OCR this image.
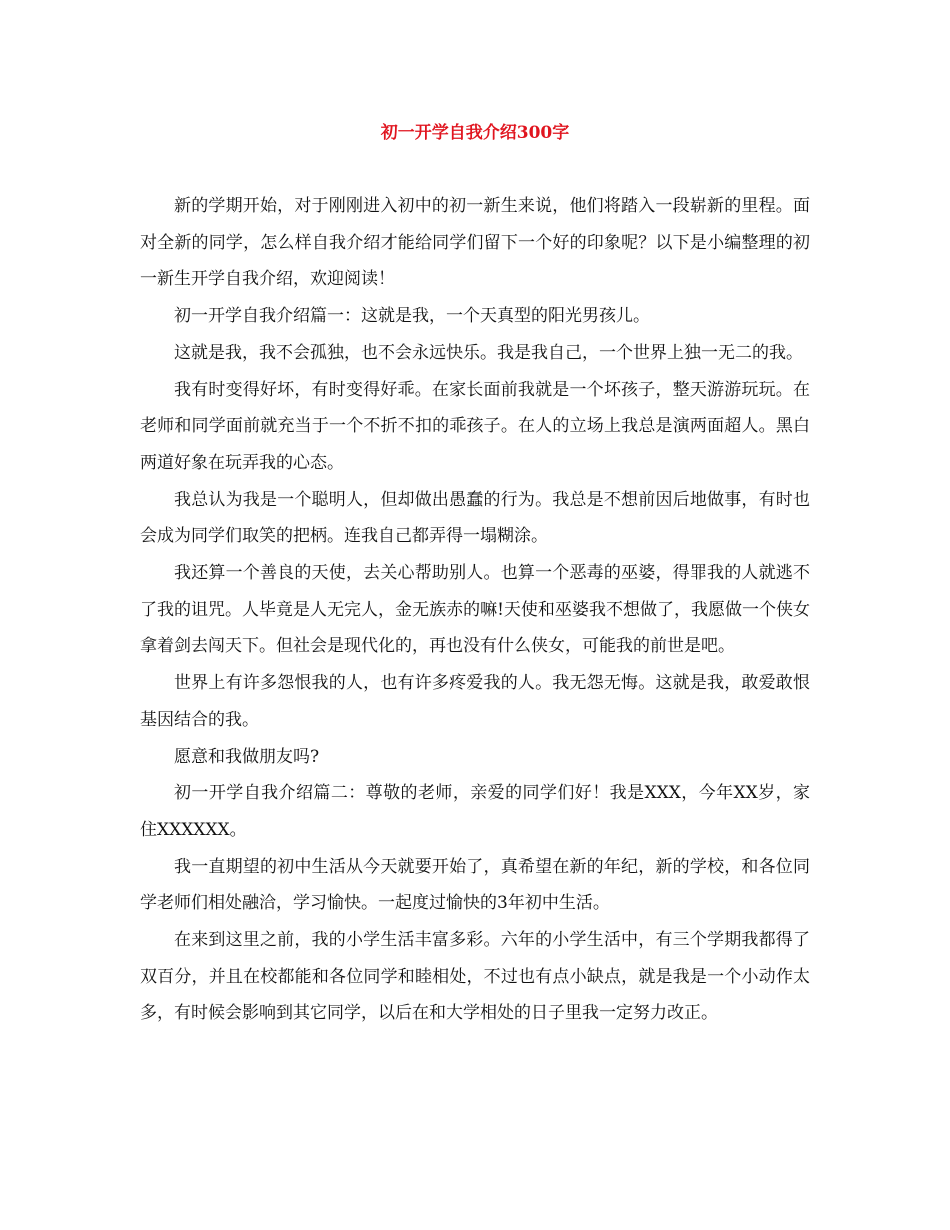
初一开学自我介绍300字

新的学期开始，对于刚刚进入初中的初一新生来说，他们将踏入一段崭新的里程。面对全新的同学，怎么样自我介绍才能给同学们留下一个好的印象呢？以下是小编整理的初一新生开学自我介绍，欢迎阅读！

初一开学自我介绍篇一：这就是我，一个天真型的阳光男孩儿。

这就是我，我不会孤独，也不会永远快乐。我是我自己，一个世界上独一无二的我。

我有时变得好坏，有时变得好乖。在家长面前我就是一个坏孩子，整天游游玩玩。在老师和同学面前就充当于一个不折不扣的乖孩子。在人的立场上我总是演两面超人。黑白两道好象在玩弄我的心态。

我总认为我是一个聪明人，但却做出愚蠢的行为。我总是不想前因后地做事，有时也会成为同学们取笑的把柄。连我自己都弄得一塌糊涂。

我还算一个善良的天使，去关心帮助别人。也算一个恶毒的巫婆，得罪我的人就逃不了我的诅咒。人毕竟是人无完人，金无族赤的嘛!天使和巫婆我不想做了，我愿做一个侠女拿着剑去闯天下。但社会是现代化的，再也没有什么侠女，可能我的前世是吧。

世界上有许多怨恨我的人，也有许多疼爱我的人。我无怨无悔。这就是我，敢爱敢恨基因结合的我。

愿意和我做朋友吗?

初一开学自我介绍篇二：尊敬的老师，亲爱的同学们好！我是XXX，今年XX岁，家住XXXXXX。

我一直期望的初中生活从今天就要开始了，真希望在新的年纪，新的学校，和各位同学老师们相处融洽，学习愉快。一起度过愉快的3年初中生活。

在来到这里之前，我的小学生活丰富多彩。六年的小学生活中，有三个学期我都得了双百分，并且在校都能和各位同学和睦相处，不过也有点小缺点，就是我是一个小动作太多，有时候会影响到其它同学，以后在和大学相处的日子里我一定努力改正。
